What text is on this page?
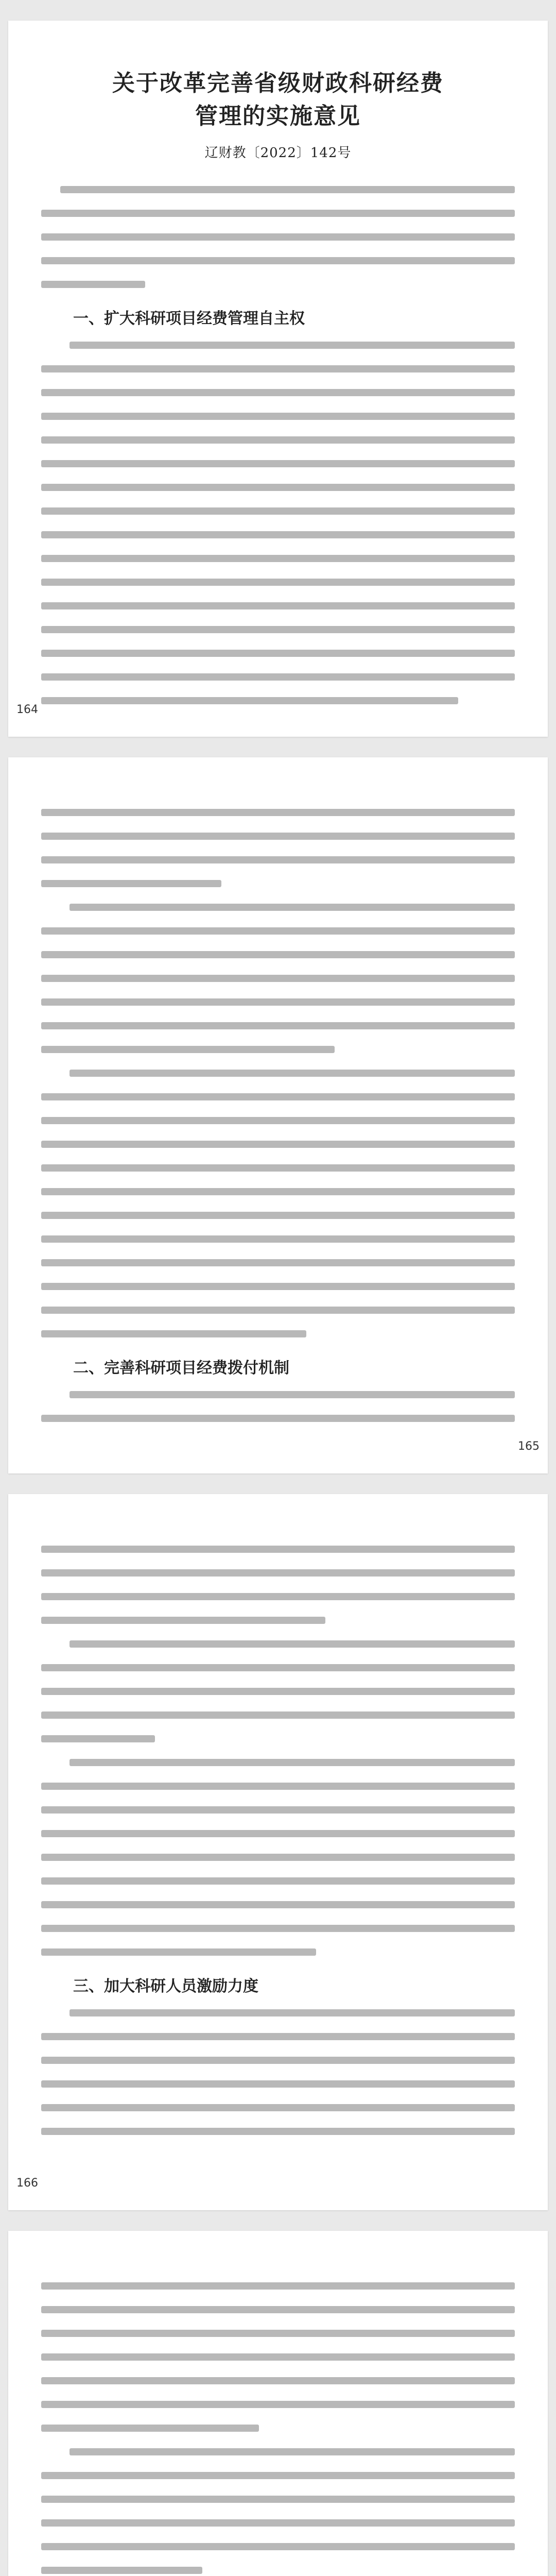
关于改革完善省级财政科研经费
管理的实施意见
辽财教〔2022〕142号
一、扩大科研项目经费管理自主权
164
二、完善科研项目经费拨付机制
165
三、加大科研人员激励力度
166
